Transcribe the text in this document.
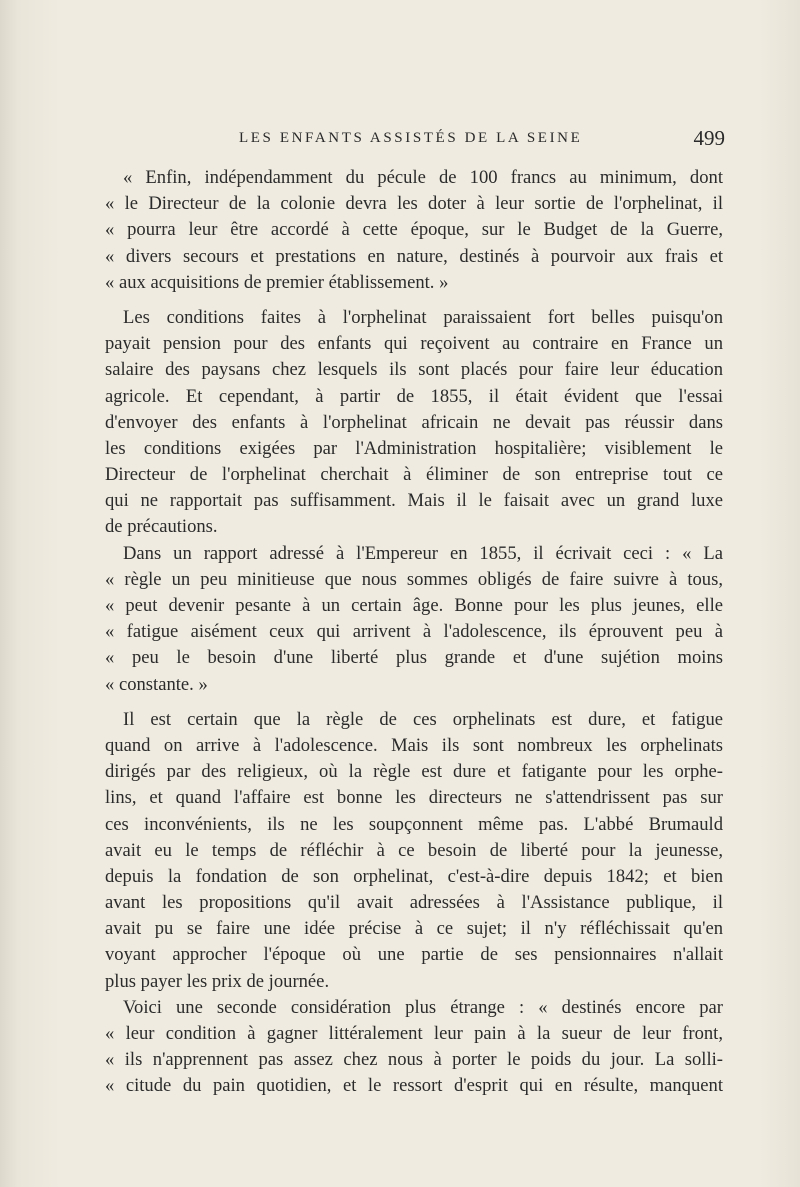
LES ENFANTS ASSISTÉS DE LA SEINE	499
« Enfin, indépendamment du pécule de 100 francs au minimum, dont
« le Directeur de la colonie devra les doter à leur sortie de l'orphelinat, il
« pourra leur être accordé à cette époque, sur le Budget de la Guerre,
« divers secours et prestations en nature, destinés à pourvoir aux frais et
« aux acquisitions de premier établissement. »
Les conditions faites à l'orphelinat paraissaient fort belles puisqu'on
payait pension pour des enfants qui reçoivent au contraire en France un
salaire des paysans chez lesquels ils sont placés pour faire leur éducation
agricole. Et cependant, à partir de 1855, il était évident que l'essai
d'envoyer des enfants à l'orphelinat africain ne devait pas réussir dans
les conditions exigées par l'Administration hospitalière; visiblement le
Directeur de l'orphelinat cherchait à éliminer de son entreprise tout ce
qui ne rapportait pas suffisamment. Mais il le faisait avec un grand luxe
de précautions.
Dans un rapport adressé à l'Empereur en 1855, il écrivait ceci : « La
« règle un peu minitieuse que nous sommes obligés de faire suivre à tous,
« peut devenir pesante à un certain âge. Bonne pour les plus jeunes, elle
« fatigue aisément ceux qui arrivent à l'adolescence, ils éprouvent peu à
« peu le besoin d'une liberté plus grande et d'une sujétion moins
« constante. »
Il est certain que la règle de ces orphelinats est dure, et fatigue
quand on arrive à l'adolescence. Mais ils sont nombreux les orphelinats
dirigés par des religieux, où la règle est dure et fatigante pour les orphe-
lins, et quand l'affaire est bonne les directeurs ne s'attendrissent pas sur
ces inconvénients, ils ne les soupçonnent même pas. L'abbé Brumauld
avait eu le temps de réfléchir à ce besoin de liberté pour la jeunesse,
depuis la fondation de son orphelinat, c'est-à-dire depuis 1842; et bien
avant les propositions qu'il avait adressées à l'Assistance publique, il
avait pu se faire une idée précise à ce sujet; il n'y réfléchissait qu'en
voyant approcher l'époque où une partie de ses pensionnaires n'allait
plus payer les prix de journée.
Voici une seconde considération plus étrange : « destinés encore par
« leur condition à gagner littéralement leur pain à la sueur de leur front,
« ils n'apprennent pas assez chez nous à porter le poids du jour. La solli-
« citude du pain quotidien, et le ressort d'esprit qui en résulte, manquent
